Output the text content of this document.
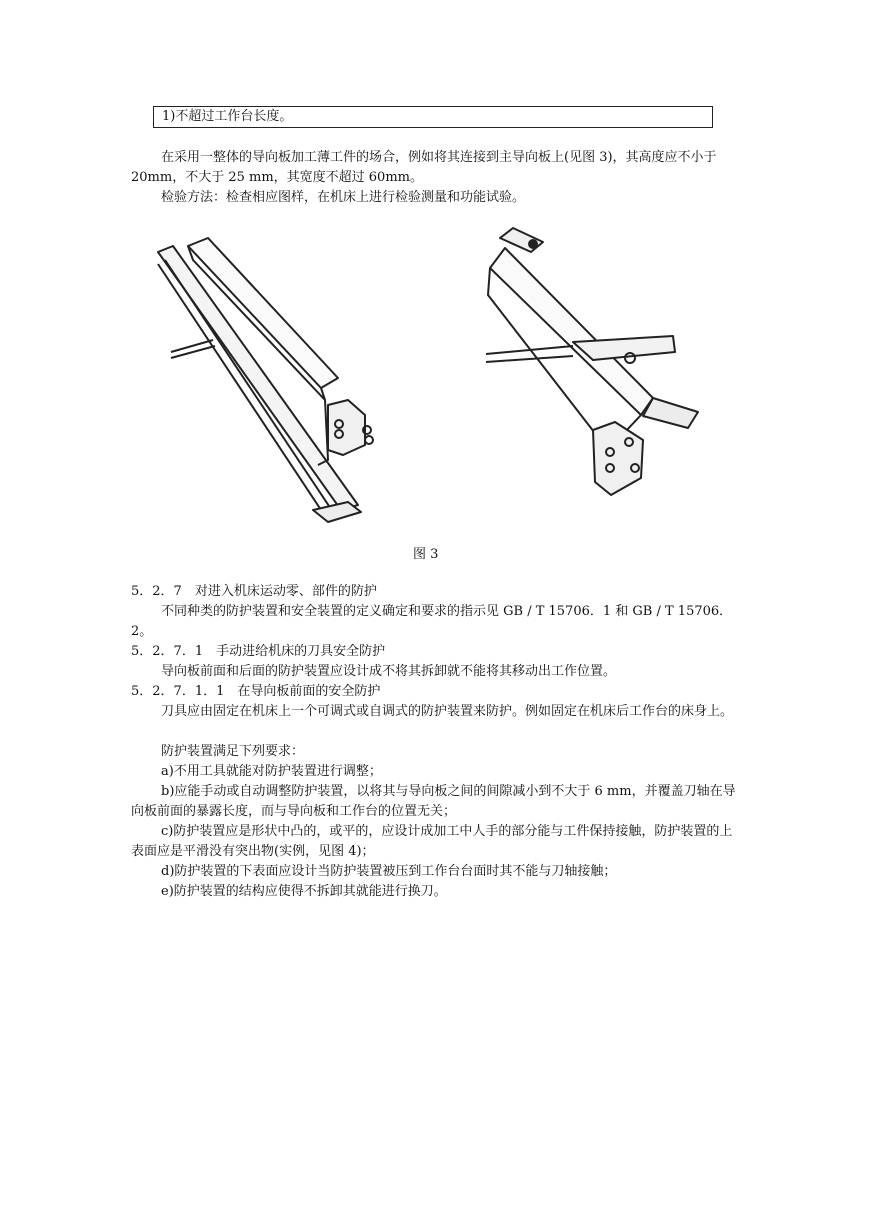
1)不超过工作台长度。

在采用一整体的导向板加工薄工件的场合，例如将其连接到主导向板上(见图 3)，其高度应不小于 20mm，不大于 25 mm，其宽度不超过 60mm。

检验方法：检查相应图样，在机床上进行检验测量和功能试验。

图 3

5．2．7　对进入机床运动零、部件的防护

不同种类的防护装置和安全装置的定义确定和要求的指示见 GB / T 15706．1 和 GB / T 15706．2。

5．2．7．1　手动进给机床的刀具安全防护

导向板前面和后面的防护装置应设计成不将其拆卸就不能将其移动出工作位置。

5．2．7．1．1　在导向板前面的安全防护

刀具应由固定在机床上一个可调式或自调式的防护装置来防护。例如固定在机床后工作台的床身上。

防护装置满足下列要求：

a)不用工具就能对防护装置进行调整；

b)应能手动或自动调整防护装置，以将其与导向板之间的间隙减小到不大于 6 mm，并覆盖刀轴在导向板前面的暴露长度，而与导向板和工作台的位置无关；

c)防护装置应是形状中凸的，或平的，应设计成加工中人手的部分能与工件保持接触，防护装置的上表面应是平滑没有突出物(实例，见图 4)；

d)防护装置的下表面应设计当防护装置被压到工作台台面时其不能与刀轴接触；

e)防护装置的结构应使得不拆卸其就能进行换刀。
